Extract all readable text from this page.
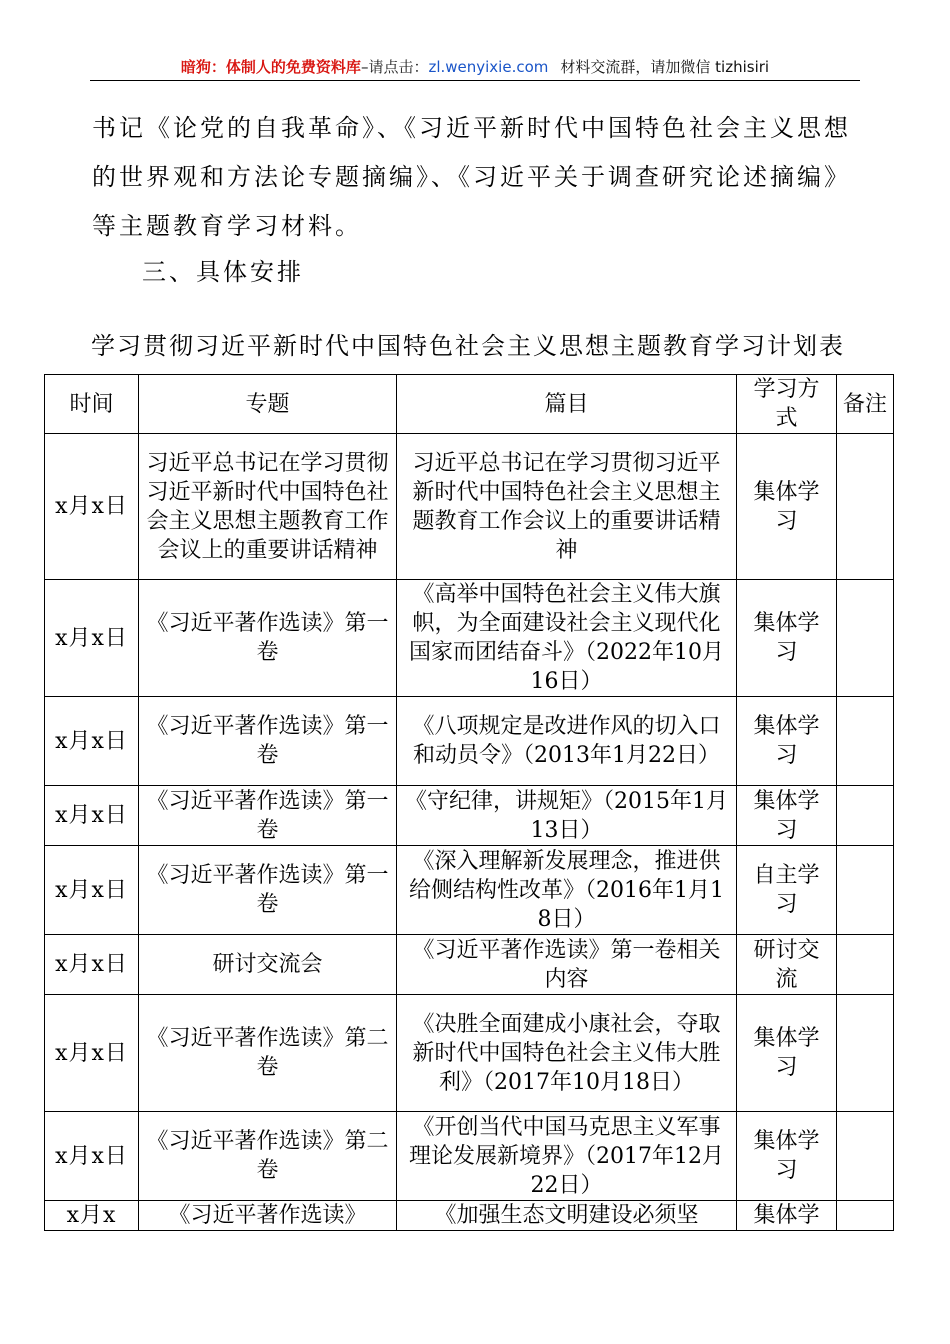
暗狗：体制人的免费资料库–请点击：zl.wenyixie.com 材料交流群，请加微信 tizhisiri

书记《论党的自我革命》、《习近平新时代中国特色社会主义思想的世界观和方法论专题摘编》、《习近平关于调查研究论述摘编》等主题教育学习材料。

三、具体安排

学习贯彻习近平新时代中国特色社会主义思想主题教育学习计划表

时间	专题	篇目	学习方式	备注
x月x日	习近平总书记在学习贯彻习近平新时代中国特色社会主义思想主题教育工作会议上的重要讲话精神	习近平总书记在学习贯彻习近平新时代中国特色社会主义思想主题教育工作会议上的重要讲话精神	集体学习	
x月x日	《习近平著作选读》第一卷	《高举中国特色社会主义伟大旗帜，为全面建设社会主义现代化国家而团结奋斗》（2022年10月16日）	集体学习	
x月x日	《习近平著作选读》第一卷	《八项规定是改进作风的切入口和动员令》（2013年1月22日）	集体学习	
x月x日	《习近平著作选读》第一卷	《守纪律，讲规矩》（2015年1月13日）	集体学习	
x月x日	《习近平著作选读》第一卷	《深入理解新发展理念，推进供给侧结构性改革》（2016年1月18日）	自主学习	
x月x日	研讨交流会	《习近平著作选读》第一卷相关内容	研讨交流	
x月x日	《习近平著作选读》第二卷	《决胜全面建成小康社会，夺取新时代中国特色社会主义伟大胜利》（2017年10月18日）	集体学习	
x月x日	《习近平著作选读》第二卷	《开创当代中国马克思主义军事理论发展新境界》（2017年12月22日）	集体学习	
x月x	《习近平著作选读》	《加强生态文明建设必须坚	集体学	
